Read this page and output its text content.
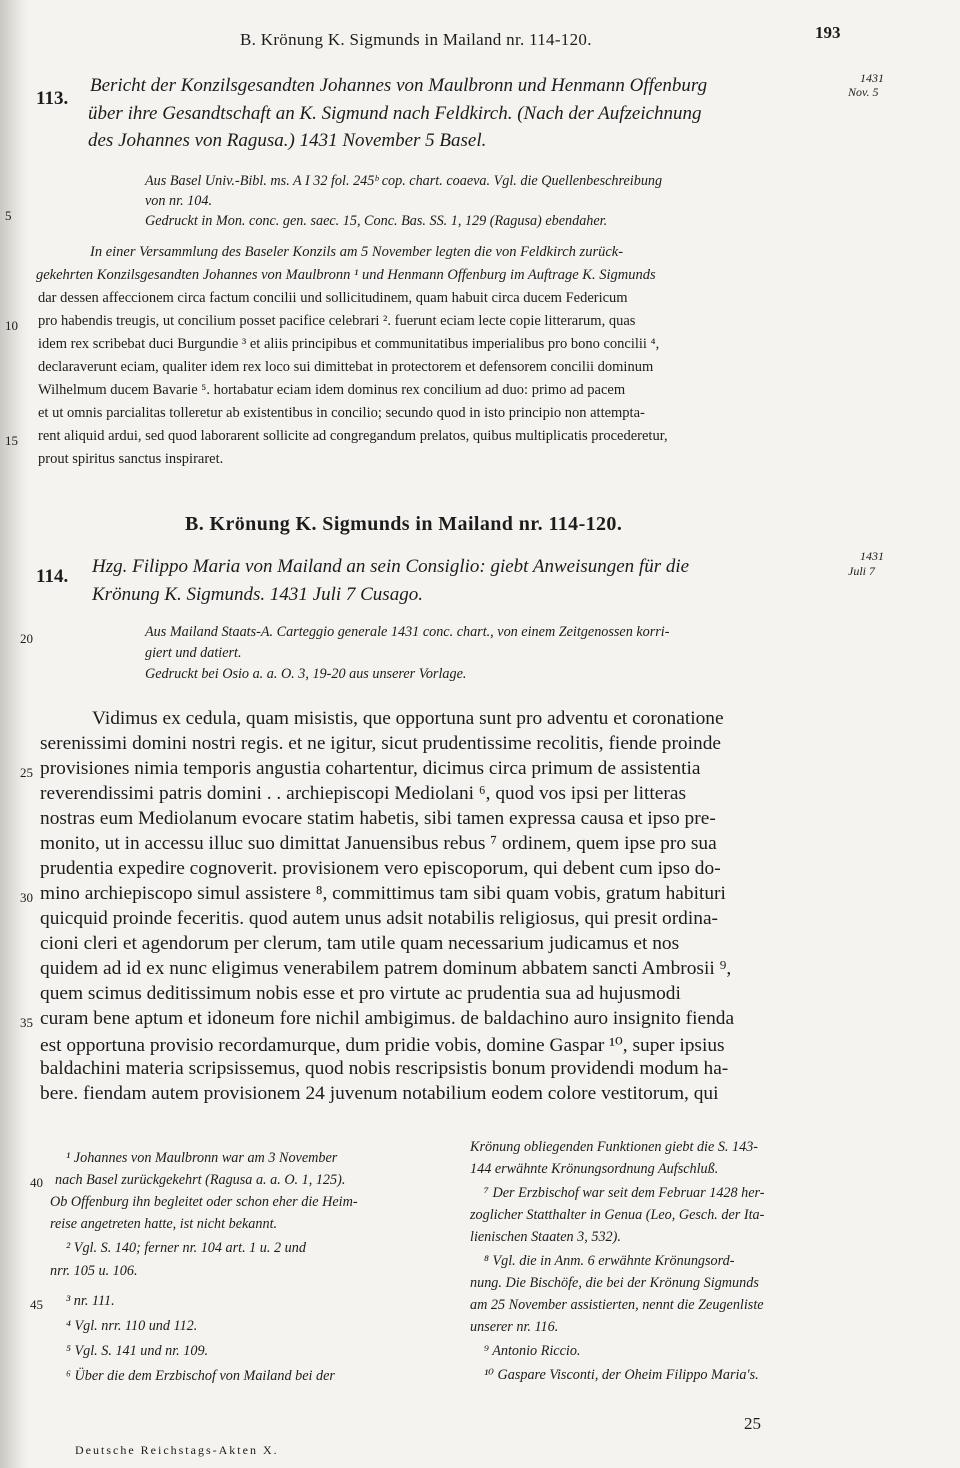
B. Krönung K. Sigmunds in Mailand nr. 114-120.	193
113.
Bericht der Konzilsgesandten Johannes von Maulbronn und Henmann Offenburg
über ihre Gesandtschaft an K. Sigmund nach Feldkirch. (Nach der Aufzeichnung
des Johannes von Ragusa.) 1431 November 5 Basel.
1431
Nov. 5
Aus Basel Univ.-Bibl. ms. A I 32 fol. 245ᵇ cop. chart. coaeva. Vgl. die Quellenbeschreibung
von nr. 104.
Gedruckt in Mon. conc. gen. saec. 15, Conc. Bas. SS. 1, 129 (Ragusa) ebendaher.
In einer Versammlung des Baseler Konzils am 5 November legten die von Feldkirch zurück-
gekehrten Konzilsgesandten Johannes von Maulbronn ¹ und Henmann Offenburg im Auftrage K. Sigmunds
dar dessen affeccionem circa factum concilii und sollicitudinem, quam habuit circa ducem Federicum
pro habendis treugis, ut concilium posset pacifice celebrari ². fuerunt eciam lecte copie litterarum, quas
idem rex scribebat duci Burgundie ³ et aliis principibus et communitatibus imperialibus pro bono concilii ⁴,
declaraverunt eciam, qualiter idem rex loco sui dimittebat in protectorem et defensorem concilii dominum
Wilhelmum ducem Bavarie ⁵. hortabatur eciam idem dominus rex concilium ad duo: primo ad pacem
et ut omnis parcialitas tolleretur ab existentibus in concilio; secundo quod in isto principio non attempta-
rent aliquid ardui, sed quod laborarent sollicite ad congregandum prelatos, quibus multiplicatis procederetur,
prout spiritus sanctus inspiraret.
B. Krönung K. Sigmunds in Mailand nr. 114-120.
114. Hzg. Filippo Maria von Mailand an sein Consiglio: giebt Anweisungen für die
Krönung K. Sigmunds. 1431 Juli 7 Cusago.
1431
Juli 7
Aus Mailand Staats-A. Carteggio generale 1431 conc. chart., von einem Zeitgenossen korri-
giert und datiert.
Gedruckt bei Osio a. a. O. 3, 19-20 aus unserer Vorlage.
Vidimus ex cedula, quam misistis, que opportuna sunt pro adventu et coronatione
serenissimi domini nostri regis. et ne igitur, sicut prudentissime recolitis, fiende proinde
provisiones nimia temporis angustia cohartentur, dicimus circa primum de assistentia
reverendissimi patris domini . . archiepiscopi Mediolani ⁶, quod vos ipsi per litteras
nostras eum Mediolanum evocare statim habetis, sibi tamen expressa causa et ipso pre-
monito, ut in accessu illuc suo dimittat Januensibus rebus ⁷ ordinem, quem ipse pro sua
prudentia expedire cognoverit. provisionem vero episcoporum, qui debent cum ipso do-
mino archiepiscopo simul assistere ⁸, committimus tam sibi quam vobis, gratum habituri
quicquid proinde feceritis. quod autem unus adsit notabilis religiosus, qui presit ordina-
cioni cleri et agendorum per clerum, tam utile quam necessarium judicamus et nos
quidem ad id ex nunc eligimus venerabilem patrem dominum abbatem sancti Ambrosii ⁹,
quem scimus deditissimum nobis esse et pro virtute ac prudentia sua ad hujusmodi
curam bene aptum et idoneum fore nichil ambigimus. de baldachino auro insignito fienda
est opportuna provisio recordamurque, dum pridie vobis, domine Gaspar ¹⁰, super ipsius
baldachini materia scripsissemus, quod nobis rescripsistis bonum providendi modum ha-
bere. fiendam autem provisionem 24 juvenum notabilium eodem colore vestitorum, qui
5
10
15
20
25
30
35
40
45
¹ Johannes von Maulbronn war am 3 November
nach Basel zurückgekehrt (Ragusa a. a. O. 1, 125).
Ob Offenburg ihn begleitet oder schon eher die Heim-
reise angetreten hatte, ist nicht bekannt.
² Vgl. S. 140; ferner nr. 104 art. 1 u. 2 und
nrr. 105 u. 106.
³ nr. 111.
⁴ Vgl. nrr. 110 und 112.
⁵ Vgl. S. 141 und nr. 109.
⁶ Über die dem Erzbischof von Mailand bei der
Krönung obliegenden Funktionen giebt die S. 143-
144 erwähnte Krönungsordnung Aufschluß.
⁷ Der Erzbischof war seit dem Februar 1428 her-
zoglicher Statthalter in Genua (Leo, Gesch. der Ita-
lienischen Staaten 3, 532).
⁸ Vgl. die in Anm. 6 erwähnte Krönungsord-
nung. Die Bischöfe, die bei der Krönung Sigmunds
am 25 November assistierten, nennt die Zeugenliste
unserer nr. 116.
⁹ Antonio Riccio.
¹⁰ Gaspare Visconti, der Oheim Filippo Maria's.
25
Deutsche Reichstags-Akten X.
